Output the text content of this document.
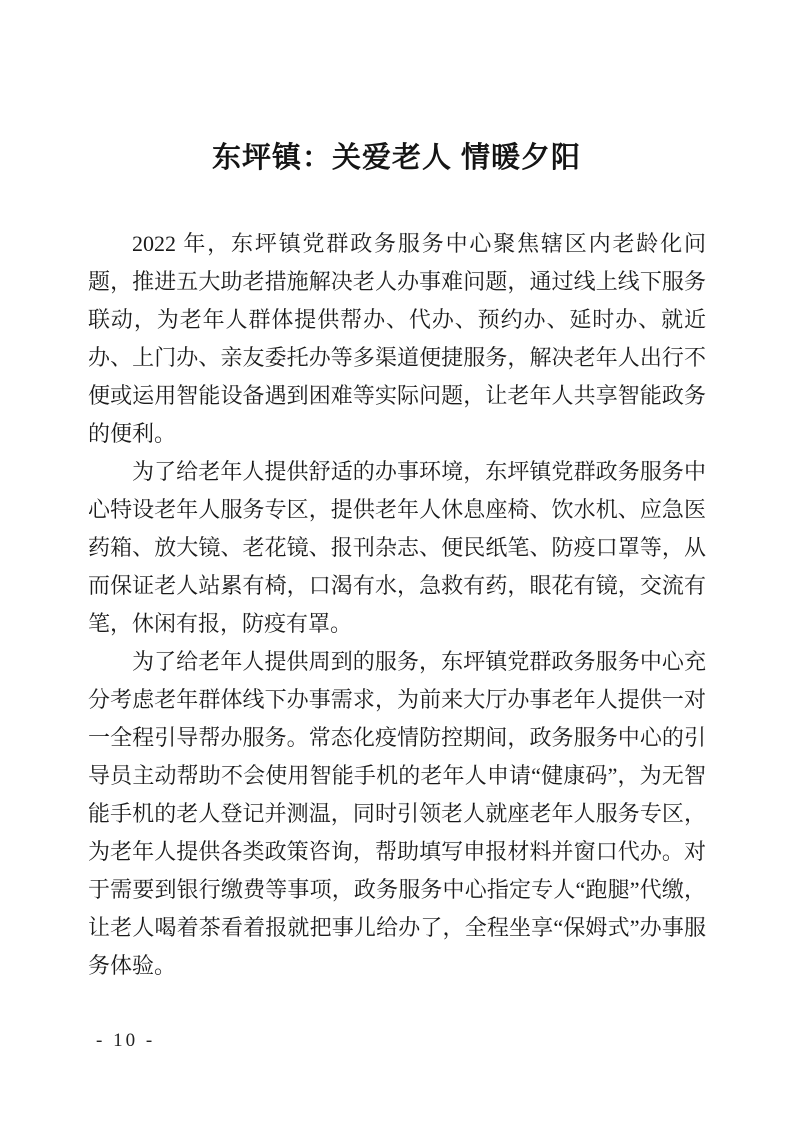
东坪镇：关爱老人 情暖夕阳

2022 年，东坪镇党群政务服务中心聚焦辖区内老龄化问题，推进五大助老措施解决老人办事难问题，通过线上线下服务联动，为老年人群体提供帮办、代办、预约办、延时办、就近办、上门办、亲友委托办等多渠道便捷服务，解决老年人出行不便或运用智能设备遇到困难等实际问题，让老年人共享智能政务的便利。

为了给老年人提供舒适的办事环境，东坪镇党群政务服务中心特设老年人服务专区，提供老年人休息座椅、饮水机、应急医药箱、放大镜、老花镜、报刊杂志、便民纸笔、防疫口罩等，从而保证老人站累有椅，口渴有水，急救有药，眼花有镜，交流有笔，休闲有报，防疫有罩。

为了给老年人提供周到的服务，东坪镇党群政务服务中心充分考虑老年群体线下办事需求，为前来大厅办事老年人提供一对一全程引导帮办服务。常态化疫情防控期间，政务服务中心的引导员主动帮助不会使用智能手机的老年人申请“健康码”，为无智能手机的老人登记并测温，同时引领老人就座老年人服务专区，为老年人提供各类政策咨询，帮助填写申报材料并窗口代办。对于需要到银行缴费等事项，政务服务中心指定专人“跑腿”代缴，让老人喝着茶看着报就把事儿给办了，全程坐享“保姆式”办事服务体验。

- 10 -
